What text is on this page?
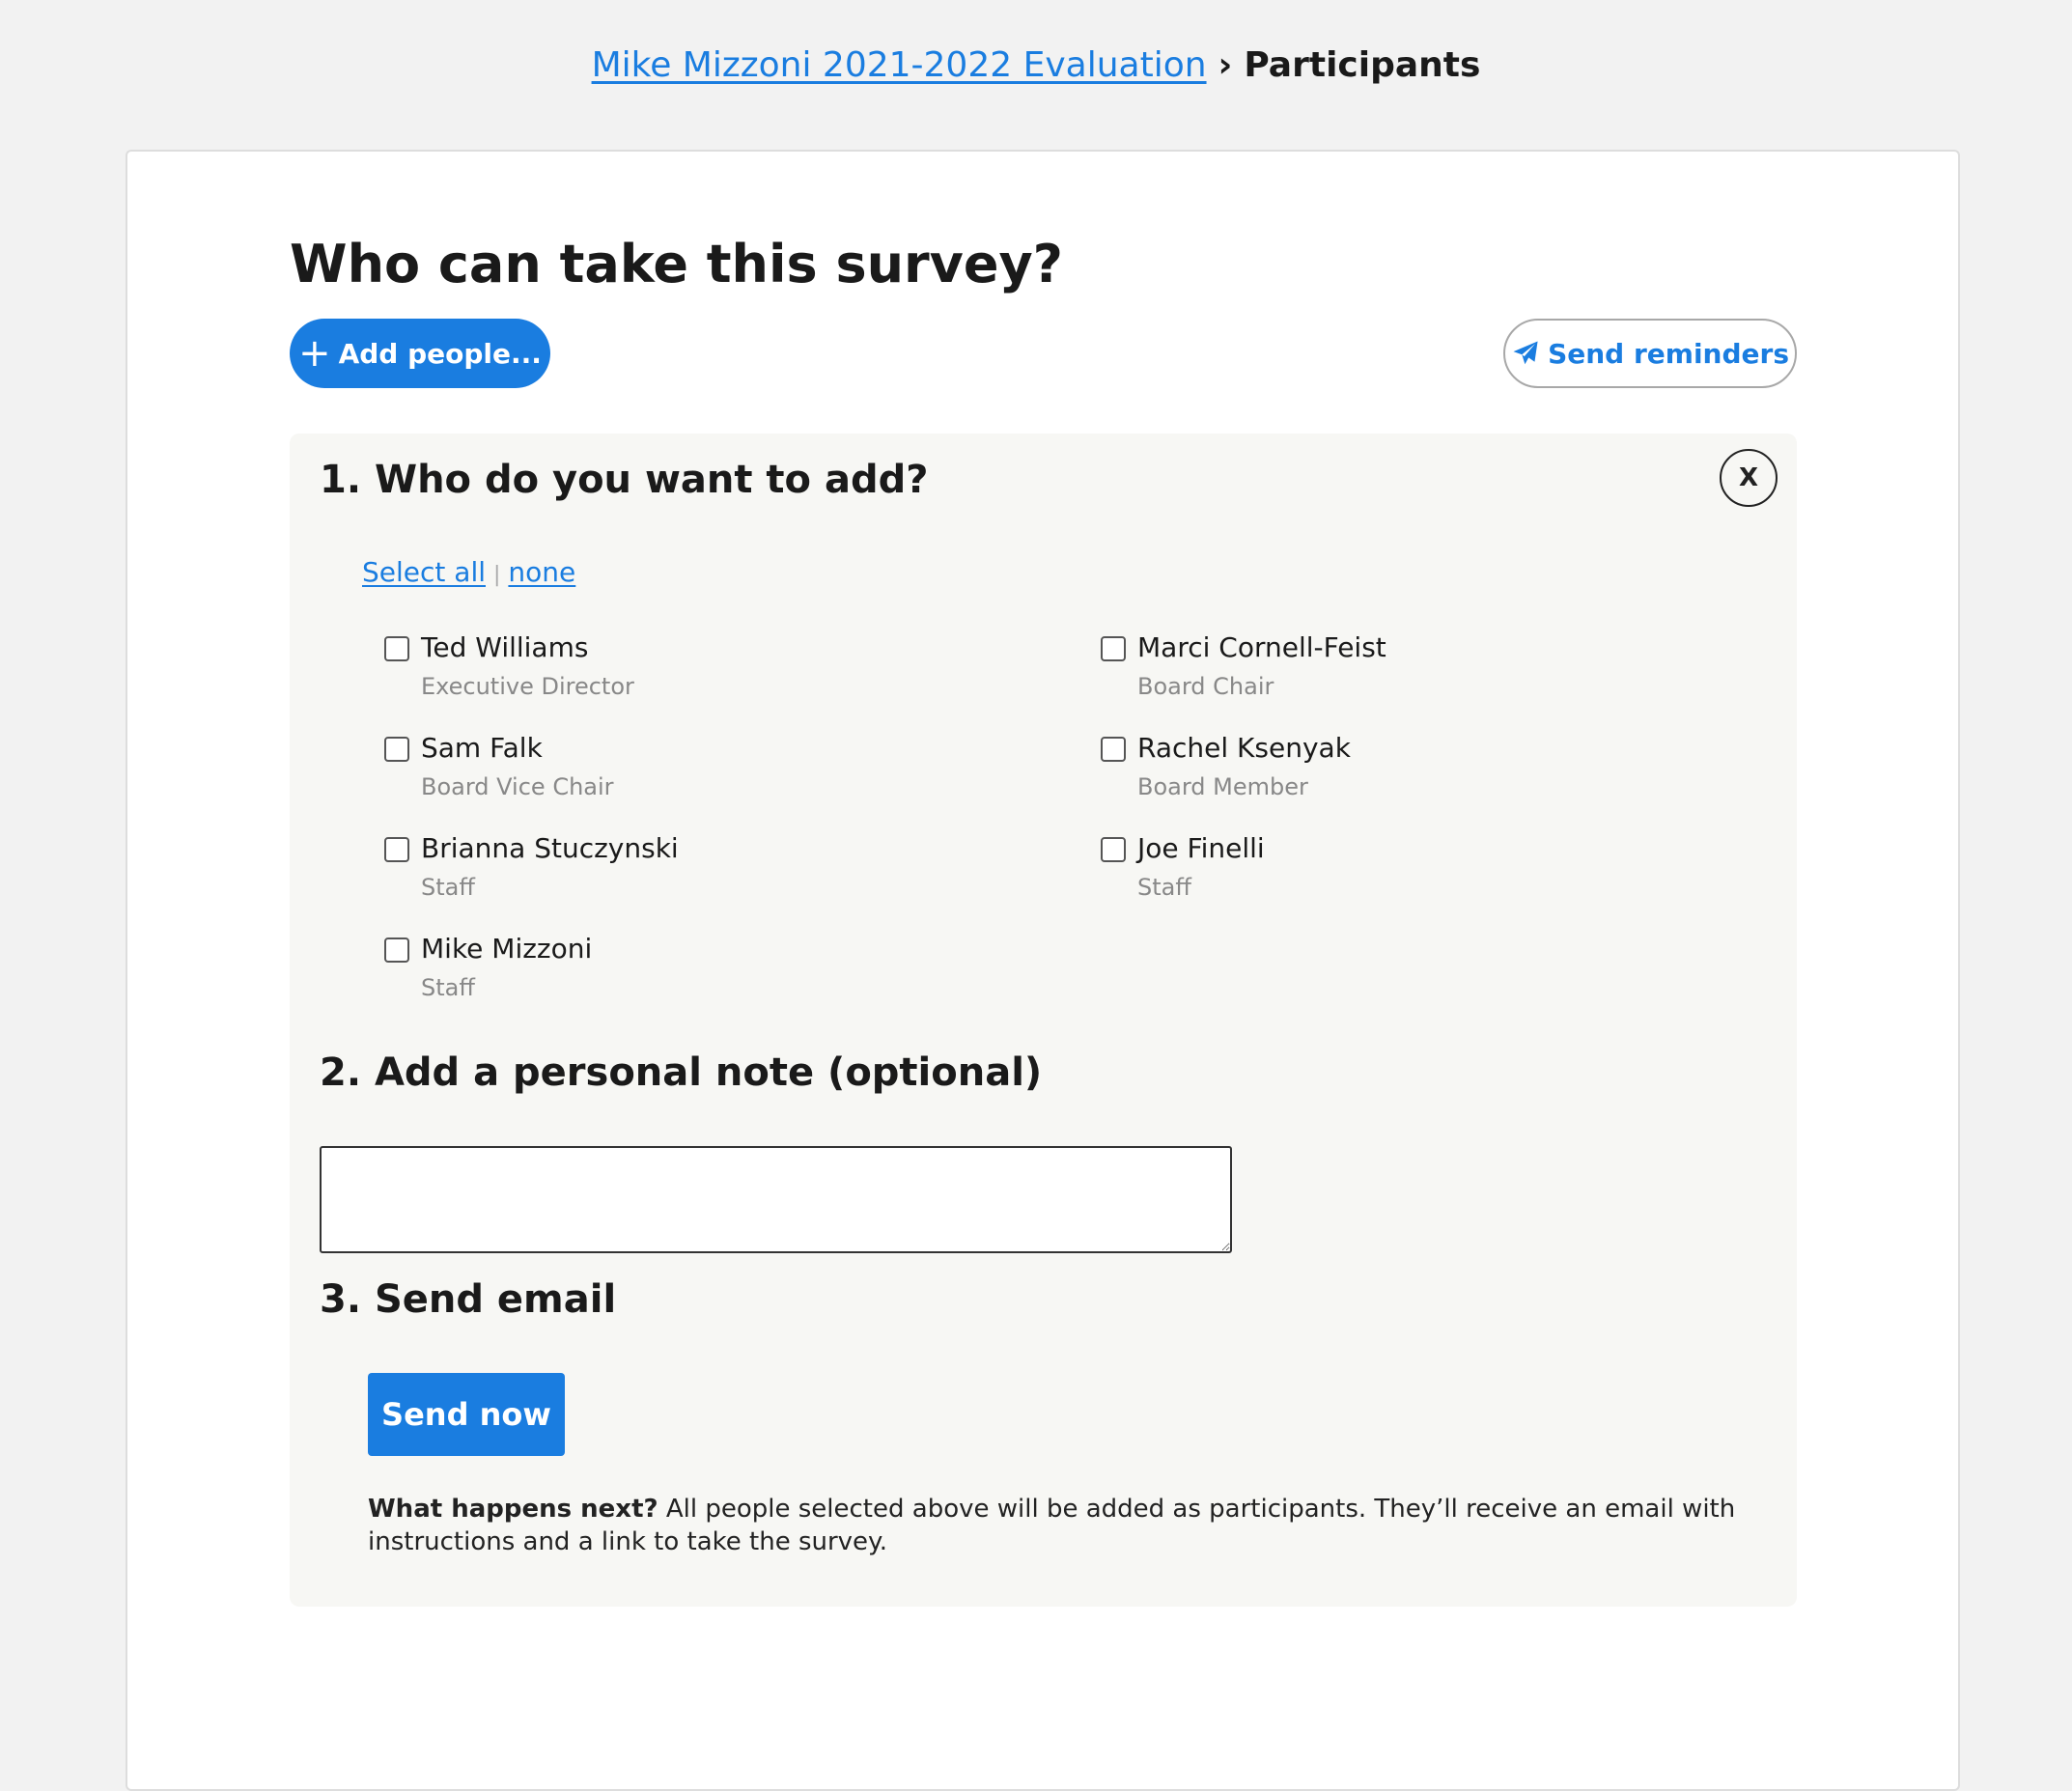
Mike Mizzoni 2021-2022 Evaluation › Participants
Who can take this survey?
+ Add people...	Send reminders
X
1. Who do you want to add?
Select all | none
Ted Williams
Executive Director
Marci Cornell-Feist
Board Chair
Sam Falk
Board Vice Chair
Rachel Ksenyak
Board Member
Brianna Stuczynski
Staff
Joe Finelli
Staff
Mike Mizzoni
Staff
2. Add a personal note (optional)
3. Send email
Send now

What happens next? All people selected above will be added as participants. They’ll receive an email with instructions and a link to take the survey.
